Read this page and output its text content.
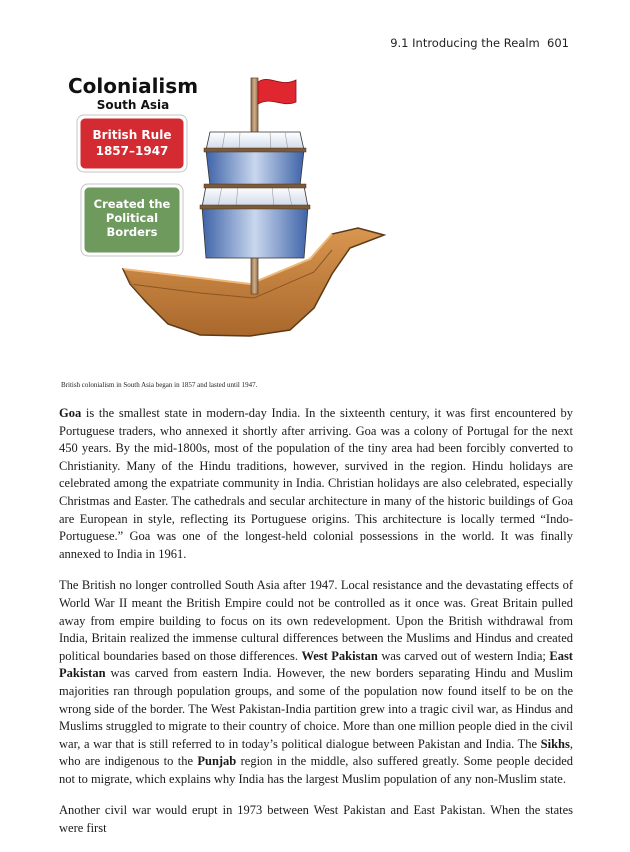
9.1 Introducing the Realm 601
Colonialism
South Asia
British Rule
1857–1947
Created the
Political
Borders
British colonialism in South Asia began in 1857 and lasted until 1947.

Goa is the smallest state in modern-day India. In the sixteenth century, it was first encountered by Portuguese traders, who annexed it shortly after arriving. Goa was a colony of Portugal for the next 450 years. By the mid-1800s, most of the population of the tiny area had been forcibly converted to Christianity. Many of the Hindu traditions, however, survived in the region. Hindu holidays are celebrated among the expatriate community in India. Christian holidays are also celebrated, especially Christmas and Easter. The cathedrals and secular architecture in many of the historic buildings of Goa are European in style, reflecting its Portuguese origins. This architecture is locally termed “Indo-Portuguese.” Goa was one of the longest-held colonial possessions in the world. It was finally annexed to India in 1961.

The British no longer controlled South Asia after 1947. Local resistance and the devastating effects of World War II meant the British Empire could not be controlled as it once was. Great Britain pulled away from empire building to focus on its own redevelopment. Upon the British withdrawal from India, Britain realized the immense cultural differences between the Muslims and Hindus and created political boundaries based on those differences. West Pakistan was carved out of western India; East Pakistan was carved from eastern India. However, the new borders separating Hindu and Muslim majorities ran through population groups, and some of the population now found itself to be on the wrong side of the border. The West Pakistan-India partition grew into a tragic civil war, as Hindus and Muslims struggled to migrate to their country of choice. More than one million people died in the civil war, a war that is still referred to in today’s political dialogue between Pakistan and India. The Sikhs, who are indigenous to the Punjab region in the middle, also suffered greatly. Some people decided not to migrate, which explains why India has the largest Muslim population of any non-Muslim state.

Another civil war would erupt in 1973 between West Pakistan and East Pakistan. When the states were first
